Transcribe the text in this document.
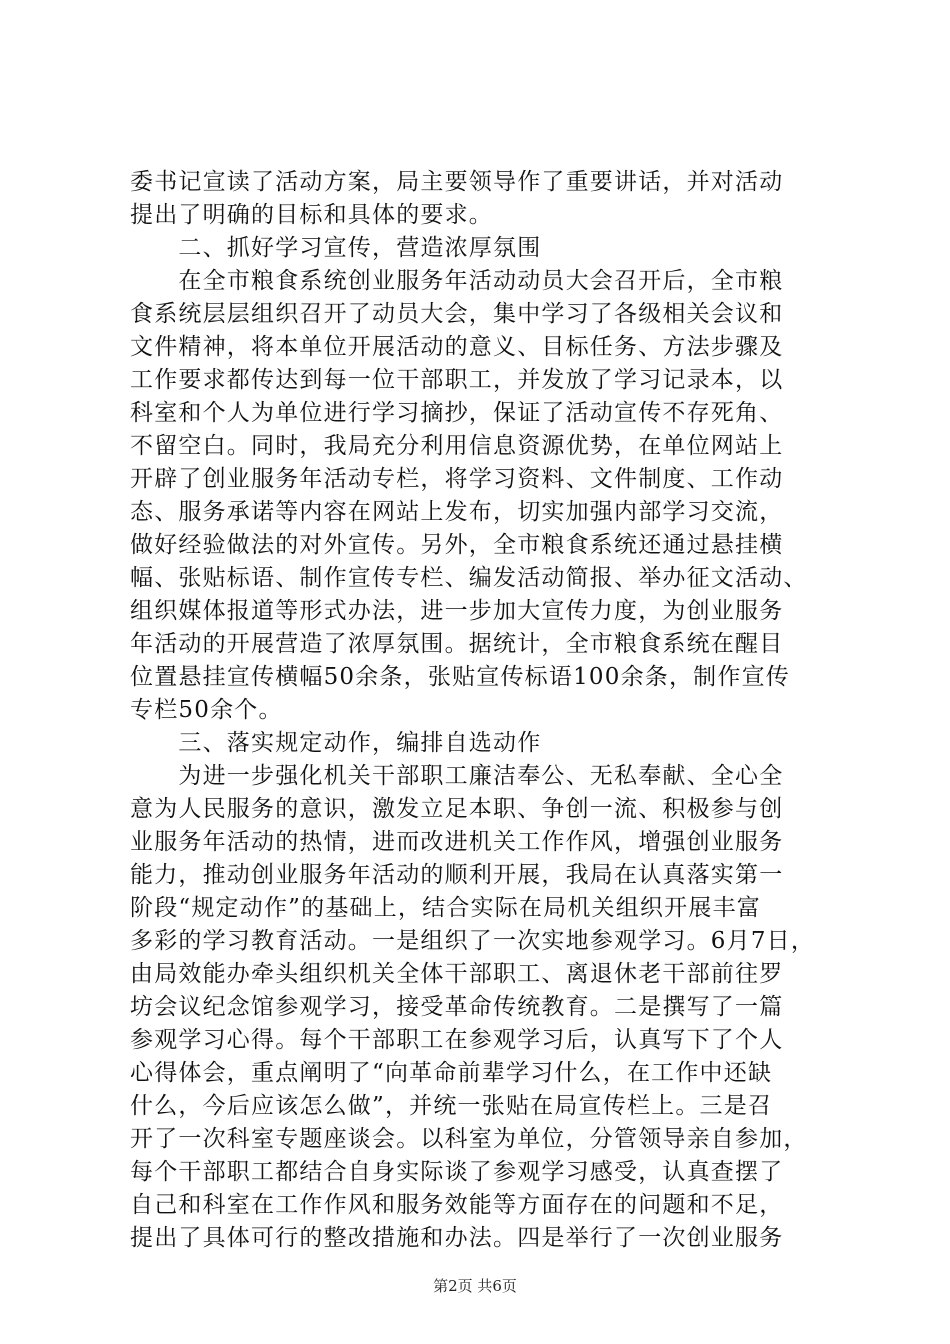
委书记宣读了活动方案，局主要领导作了重要讲话，并对活动
提出了明确的目标和具体的要求。
　　二、抓好学习宣传，营造浓厚氛围
　　在全市粮食系统创业服务年活动动员大会召开后，全市粮
食系统层层组织召开了动员大会，集中学习了各级相关会议和
文件精神，将本单位开展活动的意义、目标任务、方法步骤及
工作要求都传达到每一位干部职工，并发放了学习记录本，以
科室和个人为单位进行学习摘抄，保证了活动宣传不存死角、
不留空白。同时，我局充分利用信息资源优势，在单位网站上
开辟了创业服务年活动专栏，将学习资料、文件制度、工作动
态、服务承诺等内容在网站上发布，切实加强内部学习交流，
做好经验做法的对外宣传。另外，全市粮食系统还通过悬挂横
幅、张贴标语、制作宣传专栏、编发活动简报、举办征文活动、
组织媒体报道等形式办法，进一步加大宣传力度，为创业服务
年活动的开展营造了浓厚氛围。据统计，全市粮食系统在醒目
位置悬挂宣传横幅50余条，张贴宣传标语100余条，制作宣传
专栏50余个。
　　三、落实规定动作，编排自选动作
　　为进一步强化机关干部职工廉洁奉公、无私奉献、全心全
意为人民服务的意识，激发立足本职、争创一流、积极参与创
业服务年活动的热情，进而改进机关工作作风，增强创业服务
能力，推动创业服务年活动的顺利开展，我局在认真落实第一
阶段“规定动作”的基础上，结合实际在局机关组织开展丰富
多彩的学习教育活动。一是组织了一次实地参观学习。6月7日，
由局效能办牵头组织机关全体干部职工、离退休老干部前往罗
坊会议纪念馆参观学习，接受革命传统教育。二是撰写了一篇
参观学习心得。每个干部职工在参观学习后，认真写下了个人
心得体会，重点阐明了“向革命前辈学习什么，在工作中还缺
什么，今后应该怎么做”，并统一张贴在局宣传栏上。三是召
开了一次科室专题座谈会。以科室为单位，分管领导亲自参加，
每个干部职工都结合自身实际谈了参观学习感受，认真查摆了
自己和科室在工作作风和服务效能等方面存在的问题和不足，
提出了具体可行的整改措施和办法。四是举行了一次创业服务
第2页 共6页
